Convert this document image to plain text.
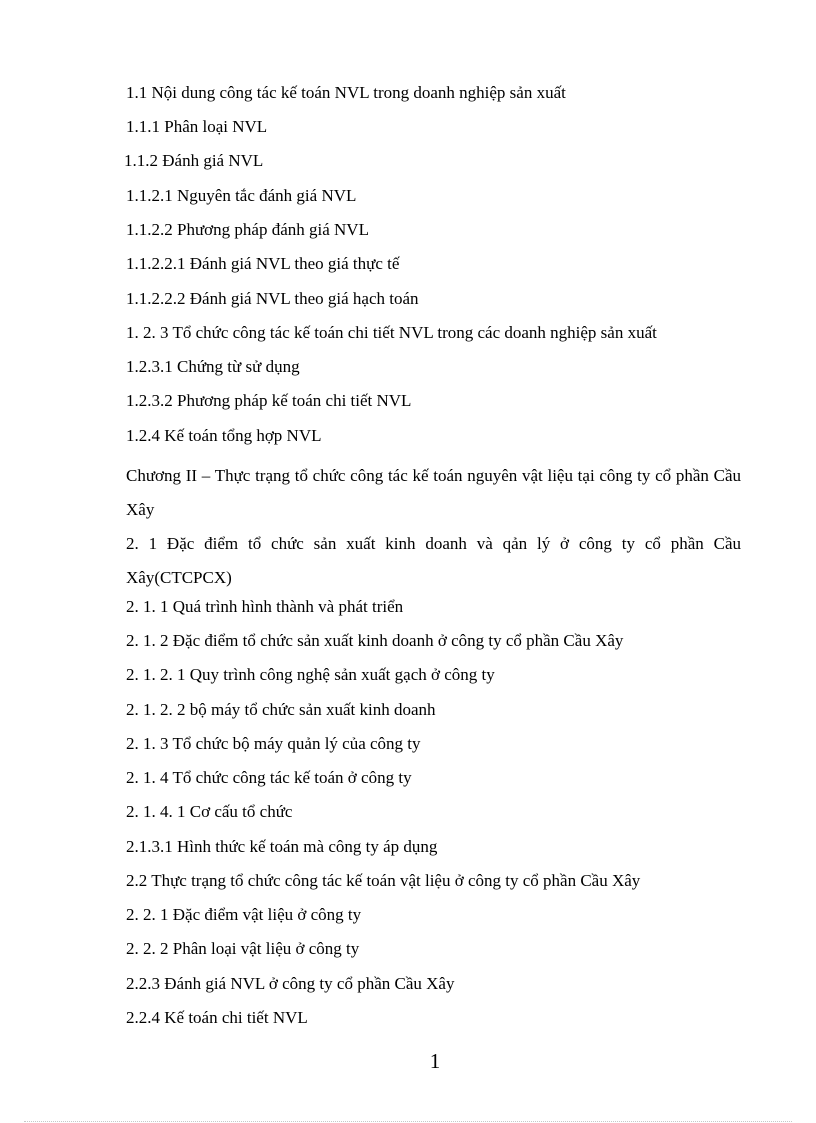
1.1 Nội dung công tác kế toán NVL trong doanh nghiệp sản xuất
1.1.1 Phân loại NVL
1.1.2 Đánh giá NVL
1.1.2.1 Nguyên tắc đánh giá NVL
1.1.2.2 Phương pháp đánh giá NVL
1.1.2.2.1 Đánh giá NVL theo giá thực tế
1.1.2.2.2 Đánh giá NVL theo giá hạch toán
1. 2. 3 Tổ chức công tác kế toán chi tiết NVL trong các doanh nghiệp sản xuất
1.2.3.1 Chứng từ sử dụng
1.2.3.2 Phương pháp kế toán chi tiết NVL
1.2.4 Kế toán tổng hợp NVL
Chương II – Thực trạng tổ chức công tác kế toán nguyên vật liệu tại công ty cổ phần Cầu Xây
2. 1 Đặc điểm tổ chức sản xuất kinh doanh và qản lý ở công ty cổ phần Cầu Xây(CTCPCX)
2. 1. 1 Quá trình hình thành và phát triển
2. 1. 2 Đặc điểm tổ chức sản xuất kinh doanh ở công ty cổ phần Cầu Xây
2. 1. 2. 1 Quy trình công nghệ sản xuất gạch ở công ty
2. 1. 2. 2 bộ máy tổ chức sản xuất kinh doanh
2. 1. 3 Tổ chức bộ máy quản lý của công ty
2. 1. 4 Tổ chức công tác kế toán ở công ty
2. 1. 4. 1 Cơ cấu tổ chức
2.1.3.1 Hình thức kế toán mà công ty áp dụng
2.2 Thực trạng tổ chức công tác kế toán vật liệu ở công ty cổ phần Cầu Xây
2. 2. 1 Đặc điểm vật liệu ở công ty
2. 2. 2 Phân loại vật liệu ở công ty
2.2.3 Đánh giá NVL ở công ty cổ phần Cầu Xây
2.2.4 Kế toán chi tiết NVL
1
